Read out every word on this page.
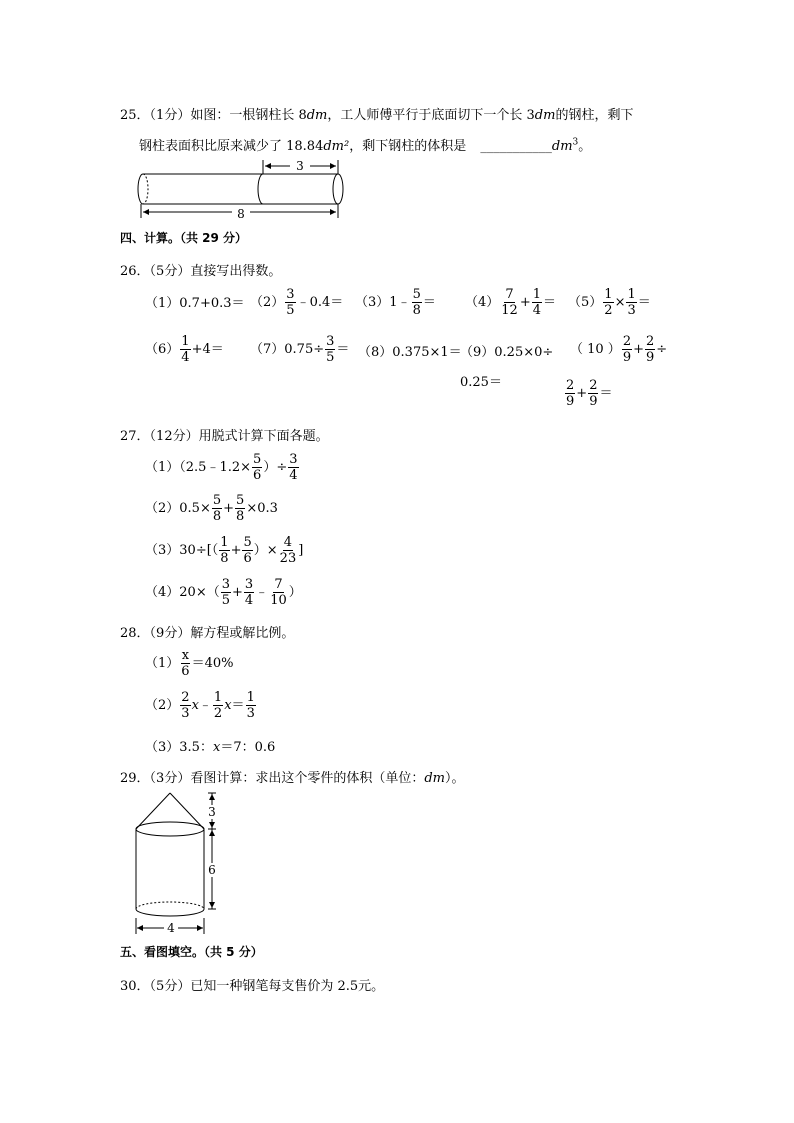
25．（1分）如图：一根钢柱长 8dm，工人师傅平行于底面切下一个长 3dm的钢柱，剩下
钢柱表面积比原来减少了 18.84dm²，剩下钢柱的体积是 $\_\_\_\_\_\_\_\_\_\_\_dm^3$。
3
8
四、计算。（共 29 分）
26．（5分）直接写出得数。
$(1)0.7+0.3= (2) \frac{3}{5}$ ﹣0.4＝ （3）1﹣ $\frac{5}{8} = (4) \frac{7}{12} + \frac{1}{4} = (5) \frac{1}{2} \times \frac{1}{3}$ ＝
$(6) \frac{1}{4} +4= (7)0.75\div \frac{3}{5} = (8)0.375\times 1=$
（9）0.25×0÷
0.25＝
（ 10 ） $\frac{2}{9} + \frac{2}{9}$ ÷
$\frac{2}{9} + \frac{2}{9}$ ＝
27．（12分）用脱式计算下面各题。
（1）（2.5﹣1.2× $\frac{5}{6}$ ）÷ $\frac{3}{4}$
$(2)0.5\times \frac{5}{8} + \frac{5}{8} \times 0.3$
$(3)30\div[( \frac{1}{8} + \frac{5}{6}$ ）× $\frac{4}{23}$ ]
$(4)20\times( \frac{3}{5} + \frac{3}{4}$ ﹣ $\frac{7}{10}$ ）
28．（9分）解方程或解比例。
$(1) \frac{x}{6} =40\%$
$(2) \frac{2}{3}$ x﹣ $\frac{1}{2} x= \frac{1}{3}$
（3）3.5：x＝7：0.6
29．（3分）看图计算：求出这个零件的体积（单位：dm）。
3
6
4
五、看图填空。（共 5 分）
30．（5分）已知一种钢笔每支售价为 2.5元。
